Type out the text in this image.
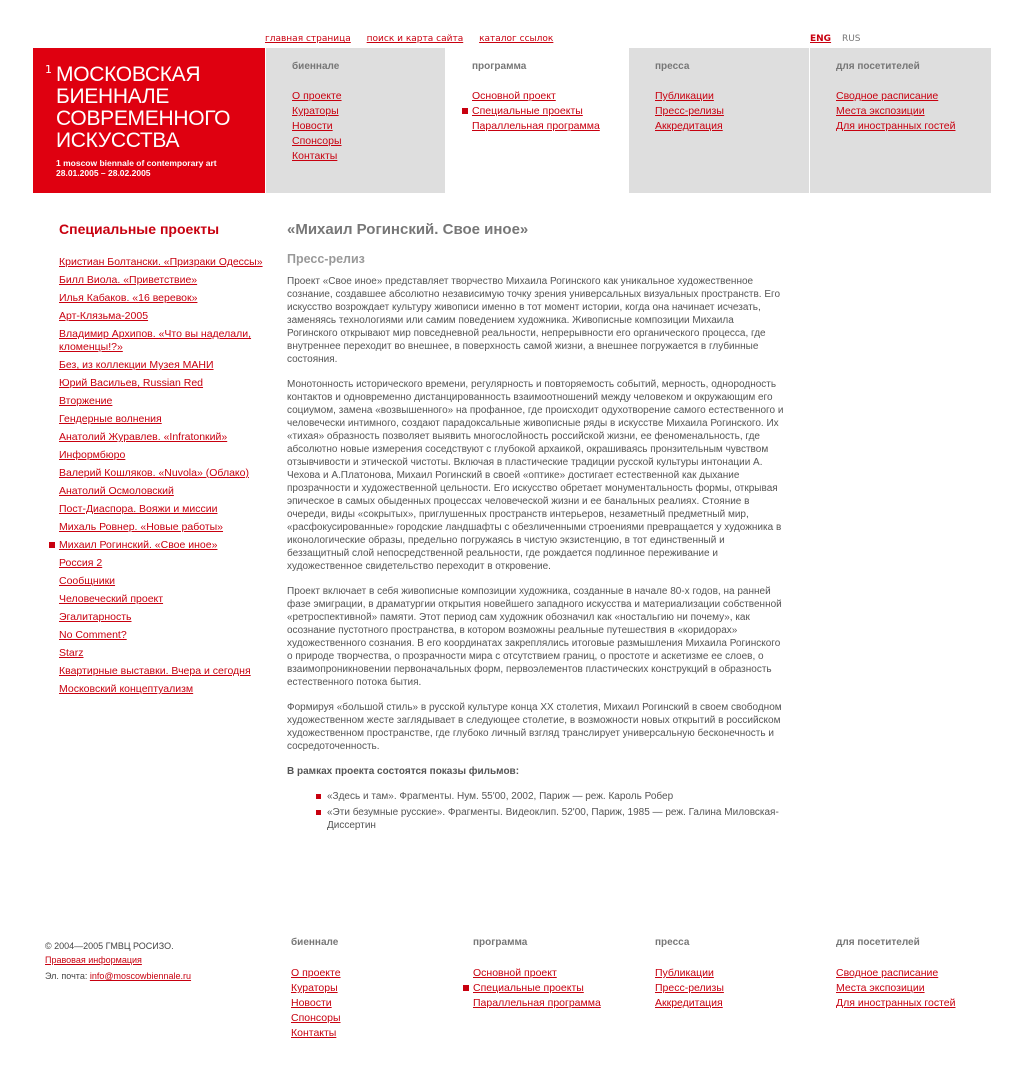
главная страница поиск и карта сайта каталог ссылок	ENG RUS
1 МОСКОВСКАЯ
БИЕННАЛЕ
СОВРЕМЕННОГО
ИСКУССТВА
1 moscow biennale of contemporary art
28.01.2005 – 28.02.2005
биеннале
О проекте
Кураторы
Новости
Спонсоры
Контакты
программа
Основной проект
Специальные проекты
Параллельная программа
пресса
Публикации
Пресс-релизы
Аккредитация
для посетителей
Сводное расписание
Места экспозиции
Для иностранных гостей
Специальные проекты
Кристиан Болтански. «Призраки Одессы»
Билл Виола. «Приветствие»
Илья Кабаков. «16 веревок»
Арт-Клязьма-2005
Владимир Архипов. «Что вы наделали, кломенцы!?»
Без, из коллекции Музея МАНИ
Юрий Васильев, Russian Red
Вторжение
Гендерные волнения
Анатолий Журавлев. «Infratonкий»
Информбюро
Валерий Кошляков. «Nuvola» (Облако)
Анатолий Осмоловский
Пост-Диаспора. Вояжи и миссии
Михаль Ровнер. «Новые работы»
Михаил Рогинский. «Свое иное»
Россия 2
Сообщники
Человеческий проект
Эгалитарность
No Comment?
Starz
Квартирные выставки. Вчера и сегодня
Московский концептуализм
«Михаил Рогинский. Свое иное»
Пресс-релиз

Проект «Свое иное» представляет творчество Михаила Рогинского как уникальное художественное сознание, создавшее абсолютно независимую точку зрения универсальных визуальных пространств. Его искусство возрождает культуру живописи именно в тот момент истории, когда она начинает исчезать, заменяясь технологиями или самим поведением художника. Живописные композиции Михаила Рогинского открывают мир повседневной реальности, непрерывности его органического процесса, где внутреннее переходит во внешнее, в поверхность самой жизни, а внешнее погружается в глубинные состояния.

Монотонность исторического времени, регулярность и повторяемость событий, мерность, однородность контактов и одновременно дистанцированность взаимоотношений между человеком и окружающим его социумом, замена «возвышенного» на профанное, где происходит одухотворение самого естественного и человечески интимного, создают парадоксальные живописные ряды в искусстве Михаила Рогинского. Их «тихая» образность позволяет выявить многослойность российской жизни, ее феноменальность, где абсолютно новые измерения соседствуют с глубокой архаикой, окрашиваясь пронзительным чувством отзывчивости и этической чистоты. Включая в пластические традиции русской культуры интонации А. Чехова и А.Платонова, Михаил Рогинский в своей «оптике» достигает естественной как дыхание прозрачности и художественной цельности. Его искусство обретает монументальность формы, открывая эпическое в самых обыденных процессах человеческой жизни и ее банальных реалиях. Стояние в очереди, виды «сокрытых», приглушенных пространств интерьеров, незаметный предметный мир, «расфокусированные» городские ландшафты с обезличенными строениями превращается у художника в иконологические образы, предельно погружаясь в чистую экзистенцию, в тот единственный и беззащитный слой непосредственной реальности, где рождается подлинное переживание и художественное свидетельство переходит в откровение.

Проект включает в себя живописные композиции художника, созданные в начале 80-х годов, на ранней фазе эмиграции, в драматургии открытия новейшего западного искусства и материализации собственной «ретроспективной» памяти. Этот период сам художник обозначил как «ностальгию ни почему», как осознание пустотного пространства, в котором возможны реальные путешествия в «коридорах» художественного сознания. В его координатах закреплялись итоговые размышления Михаила Рогинского о природе творчества, о прозрачности мира с отсутствием границ, о простоте и аскетизме ее слоев, о взаимопроникновении первоначальных форм, первоэлементов пластических конструкций в образность естественного потока бытия.

Формируя «большой стиль» в русской культуре конца ХХ столетия, Михаил Рогинский в своем свободном художественном жесте заглядывает в следующее столетие, в возможности новых открытий в российском художественном пространстве, где глубоко личный взгляд транслирует универсальную бесконечность и сосредоточенность.

В рамках проекта состоятся показы фильмов:

«Здесь и там». Фрагменты. Нум. 55'00, 2002, Париж — реж. Кароль Робер
«Эти безумные русские». Фрагменты. Видеоклип. 52'00, Париж, 1985 — реж. Галина Миловская-Диссертин
© 2004—2005 ГМВЦ РОСИЗО.
Правовая информация
Эл. почта: info@moscowbiennale.ru
биеннале
О проекте
Кураторы
Новости
Спонсоры
Контакты
программа
Основной проект
Специальные проекты
Параллельная программа
пресса
Публикации
Пресс-релизы
Аккредитация
для посетителей
Сводное расписание
Места экспозиции
Для иностранных гостей
